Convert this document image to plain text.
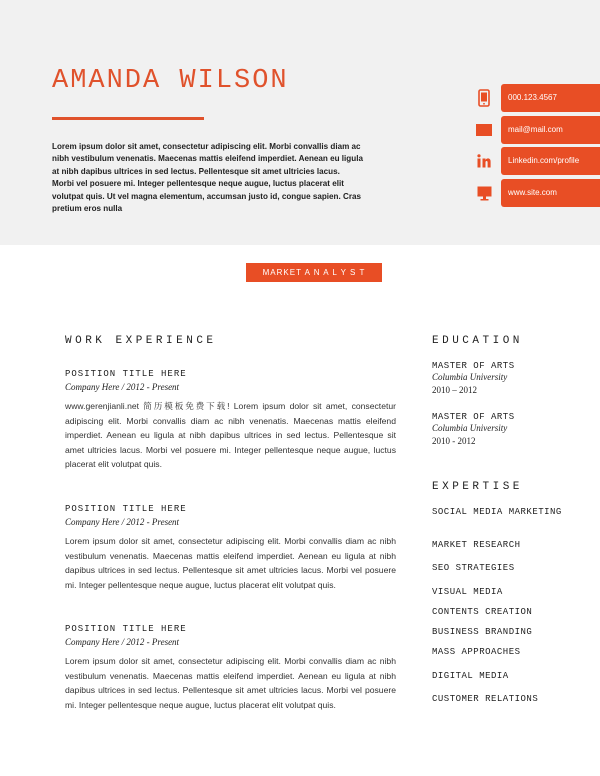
AMANDA WILSON
Lorem ipsum dolor sit amet, consectetur adipiscing elit. Morbi convallis diam ac nibh vestibulum venenatis. Maecenas mattis eleifend imperdiet. Aenean eu ligula at nibh dapibus ultrices in sed lectus. Pellentesque sit amet ultricies lacus. Morbi vel posuere mi. Integer pellentesque neque augue, luctus placerat elit volutpat quis. Ut vel magna elementum, accumsan justo id, congue sapien. Cras pretium eros nulla
000.123.4567
mail@mail.com
Linkedin.com/profile
www.site.com
MARKET A N A L Y S T
WORK EXPERIENCE
POSITION TITLE HERE
Company Here / 2012 - Present
www.gerenjianli.net 简历模板免费下载! Lorem ipsum dolor sit amet, consectetur adipiscing elit. Morbi convallis diam ac nibh venenatis. Maecenas mattis eleifend imperdiet. Aenean eu ligula at nibh dapibus ultrices in sed lectus. Pellentesque sit amet ultricies lacus. Morbi vel posuere mi. Integer pellentesque neque augue, luctus placerat elit volutpat quis.
POSITION TITLE HERE
Company Here / 2012 - Present
Lorem ipsum dolor sit amet, consectetur adipiscing elit. Morbi convallis diam ac nibh vestibulum venenatis. Maecenas mattis eleifend imperdiet. Aenean eu ligula at nibh dapibus ultrices in sed lectus. Pellentesque sit amet ultricies lacus. Morbi vel posuere mi. Integer pellentesque neque augue, luctus placerat elit volutpat quis.
POSITION TITLE HERE
Company Here / 2012 - Present
Lorem ipsum dolor sit amet, consectetur adipiscing elit. Morbi convallis diam ac nibh vestibulum venenatis. Maecenas mattis eleifend imperdiet. Aenean eu ligula at nibh dapibus ultrices in sed lectus. Pellentesque sit amet ultricies lacus. Morbi vel posuere mi. Integer pellentesque neque augue, luctus placerat elit volutpat quis.
EDUCATION
MASTER OF ARTS
Columbia University
2010 – 2012
MASTER OF ARTS
Columbia University
2010 - 2012
EXPERTISE
SOCIAL MEDIA MARKETING
MARKET RESEARCH
SEO STRATEGIES
VISUAL MEDIA
CONTENTS CREATION
BUSINESS BRANDING
MASS APPROACHES
DIGITAL MEDIA
CUSTOMER RELATIONS
